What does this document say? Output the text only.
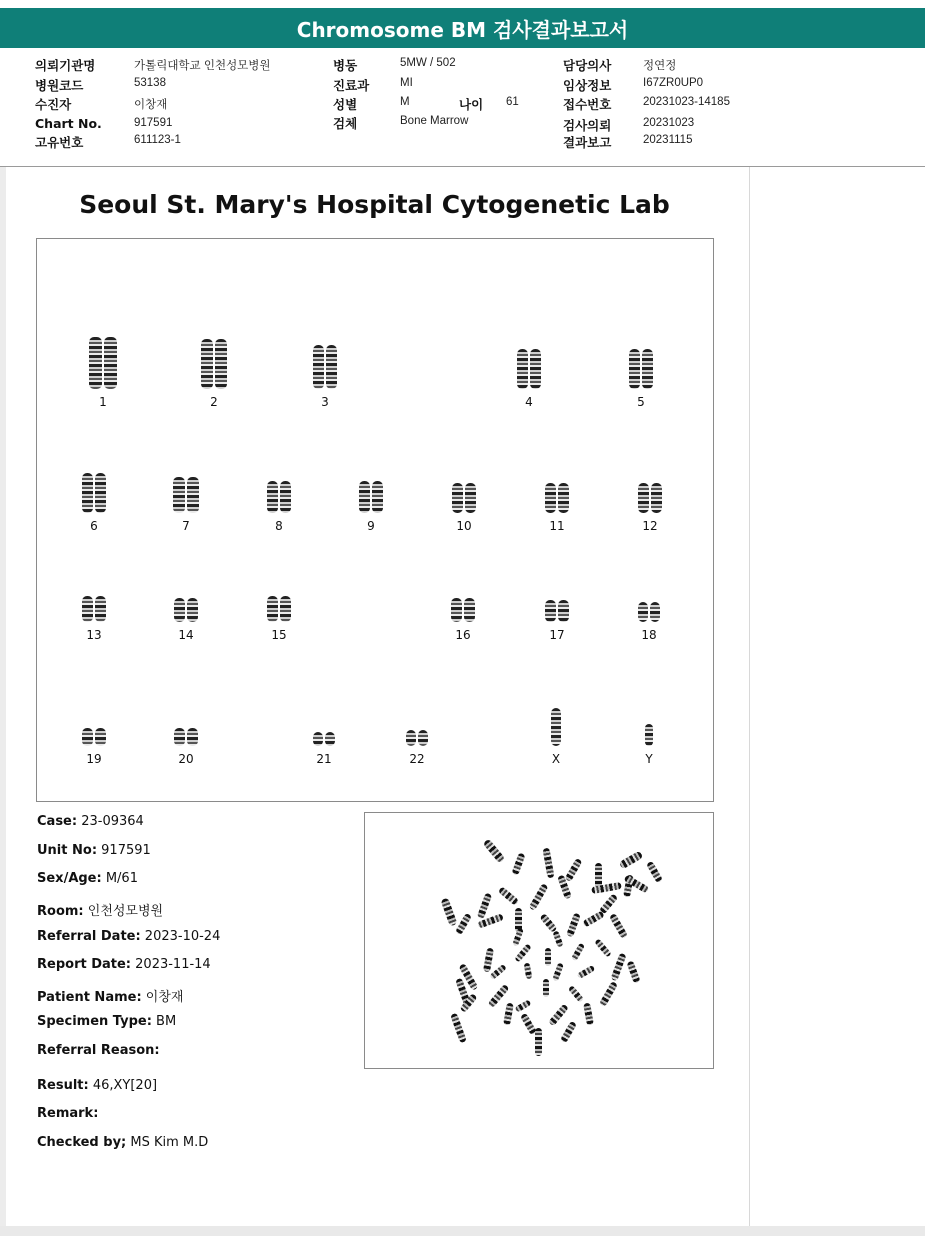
Chromosome BM 검사결과보고서
의뢰기관명	가톨릭대학교 인천성모병원
병원코드	53138
수진자	이창재
Chart No.	917591
고유번호	611123-1
병동	5MW / 502
진료과	MI
성별	M	나이 61
검체	Bone Marrow
담당의사	정연정
임상정보	I67ZR0UP0
접수번호	20231023-14185
검사의뢰	20231023
결과보고	20231115
Seoul St. Mary's Hospital Cytogenetic Lab
1	2	3	4	5
6	7	8	9	10	11	12
13	14	15	16	17	18
19	20	21	22	X	Y
Case: 23-09364
Unit No: 917591
Sex/Age: M/61
Room: 인천성모병원
Referral Date: 2023-10-24
Report Date: 2023-11-14
Patient Name: 이창재
Specimen Type: BM
Referral Reason:
Result: 46,XY[20]
Remark:
Checked by; MS Kim M.D
